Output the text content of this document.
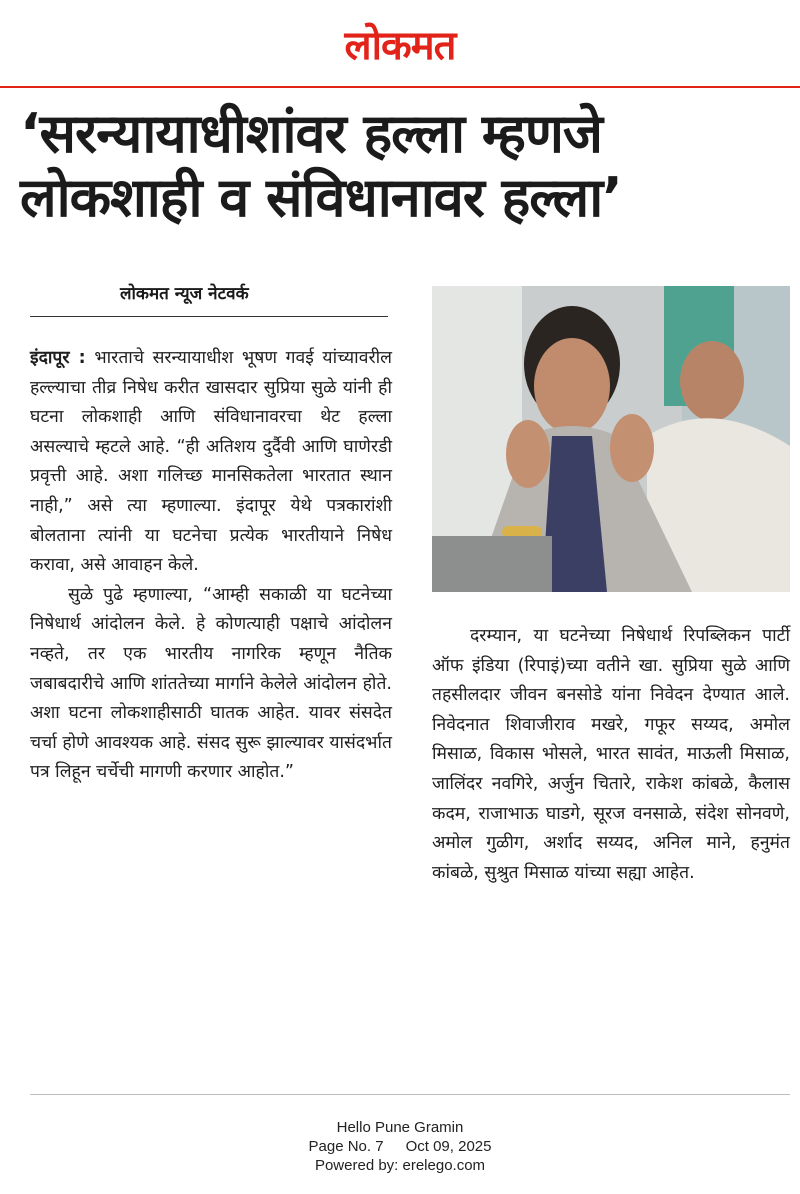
लोकमत
‘सरन्यायाधीशांवर हल्ला म्हणजे
लोकशाही व संविधानावर हल्ला’
लोकमत न्यूज नेटवर्क

इंदापूर : भारताचे सरन्यायाधीश भूषण गवई यांच्यावरील हल्ल्याचा तीव्र निषेध करीत खासदार सुप्रिया सुळे यांनी ही घटना लोकशाही आणि संविधानावरचा थेट हल्ला असल्याचे म्हटले आहे. “ही अतिशय दुर्दैवी आणि घाणेरडी प्रवृत्ती आहे. अशा गलिच्छ मानसिकतेला भारतात स्थान नाही,” असे त्या म्हणाल्या. इंदापूर येथे पत्रकारांशी बोलताना त्यांनी या घटनेचा प्रत्येक भारतीयाने निषेध करावा, असे आवाहन केले.

सुळे पुढे म्हणाल्या, “आम्ही सकाळी या घटनेच्या निषेधार्थ आंदोलन केले. हे कोणत्याही पक्षाचे आंदोलन नव्हते, तर एक भारतीय नागरिक म्हणून नैतिक जबाबदारीचे आणि शांततेच्या मार्गाने केलेले आंदोलन होते. अशा घटना लोकशाहीसाठी घातक आहेत. यावर संसदेत चर्चा होणे आवश्यक आहे. संसद सुरू झाल्यावर यासंदर्भात पत्र लिहून चर्चेची मागणी करणार आहोत.”

दरम्यान, या घटनेच्या निषेधार्थ रिपब्लिकन पार्टी ऑफ इंडिया (रिपाइं)च्या वतीने खा. सुप्रिया सुळे आणि तहसीलदार जीवन बनसोडे यांना निवेदन देण्यात आले. निवेदनात शिवाजीराव मखरे, गफूर सय्यद, अमोल मिसाळ, विकास भोसले, भारत सावंत, माऊली मिसाळ, जालिंदर नवगिरे, अर्जुन चितारे, राकेश कांबळे, कैलास कदम, राजाभाऊ घाडगे, सूरज वनसाळे, संदेश सोनवणे, अमोल गुळीग, अर्शाद सय्यद, अनिल माने, हनुमंत कांबळे, सुश्रुत मिसाळ यांच्या सह्या आहेत.

Hello Pune Gramin
Page No. 7 Oct 09, 2025
Powered by: erelego.com
